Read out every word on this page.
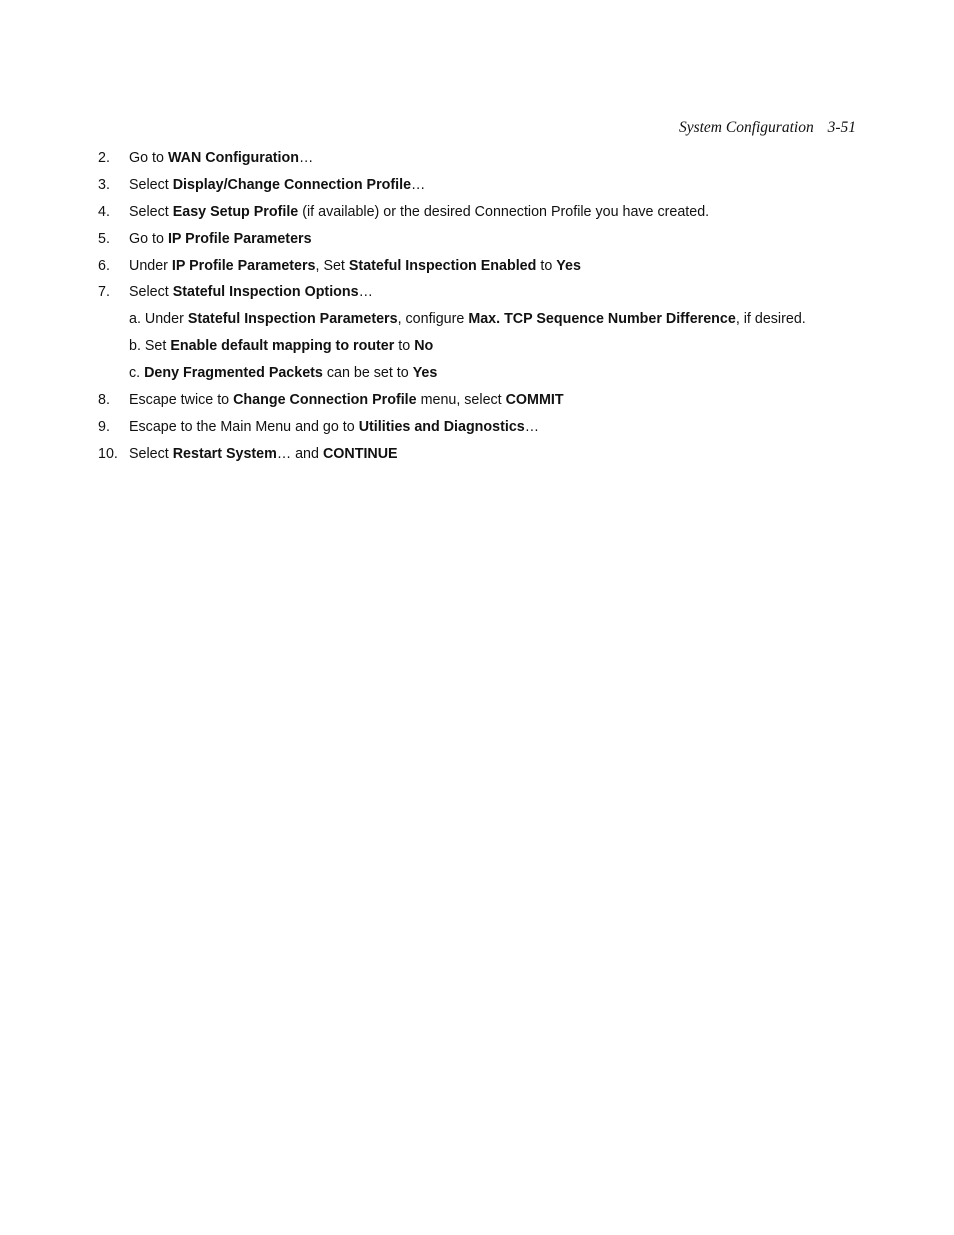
System Configuration 3-51
2. Go to WAN Configuration…
3. Select Display/Change Connection Profile…
4. Select Easy Setup Profile (if available) or the desired Connection Profile you have created.
5. Go to IP Profile Parameters
6. Under IP Profile Parameters, Set Stateful Inspection Enabled to Yes
7. Select Stateful Inspection Options…
a. Under Stateful Inspection Parameters, configure Max. TCP Sequence Number Difference, if desired.
b. Set Enable default mapping to router to No
c. Deny Fragmented Packets can be set to Yes
8. Escape twice to Change Connection Profile menu, select COMMIT
9. Escape to the Main Menu and go to Utilities and Diagnostics…
10. Select Restart System… and CONTINUE
